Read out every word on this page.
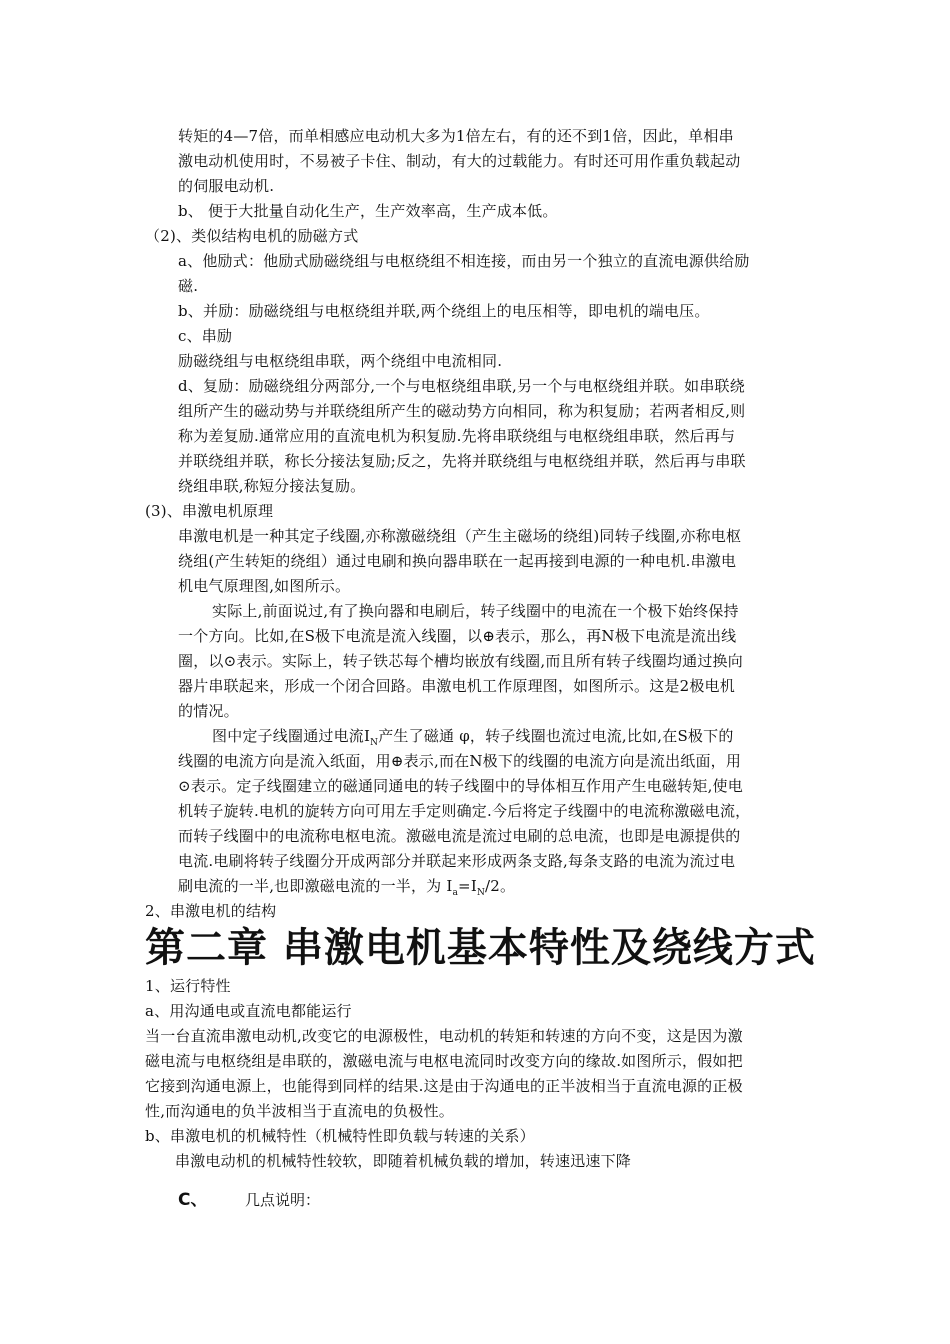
转矩的4—7倍，而单相感应电动机大多为1倍左右，有的还不到1倍，因此，单相串
激电动机使用时，不易被子卡住、制动，有大的过载能力。有时还可用作重负载起动
的伺服电动机.
b、 便于大批量自动化生产，生产效率高，生产成本低。
（2)、类似结构电机的励磁方式
a、他励式：他励式励磁绕组与电枢绕组不相连接，而由另一个独立的直流电源供给励
磁.
b、并励：励磁绕组与电枢绕组并联,两个绕组上的电压相等，即电机的端电压。
c、串励
励磁绕组与电枢绕组串联，两个绕组中电流相同.
d、复励：励磁绕组分两部分,一个与电枢绕组串联,另一个与电枢绕组并联。如串联绕
组所产生的磁动势与并联绕组所产生的磁动势方向相同，称为积复励；若两者相反,则
称为差复励.通常应用的直流电机为积复励.先将串联绕组与电枢绕组串联，然后再与
并联绕组并联，称长分接法复励;反之，先将并联绕组与电枢绕组并联，然后再与串联
绕组串联,称短分接法复励。
(3)、串激电机原理
串激电机是一种其定子线圈,亦称激磁绕组（产生主磁场的绕组)同转子线圈,亦称电枢
绕组(产生转矩的绕组）通过电刷和换向器串联在一起再接到电源的一种电机.串激电
机电气原理图,如图所示。
实际上,前面说过,有了换向器和电刷后，转子线圈中的电流在一个极下始终保持
一个方向。比如,在S极下电流是流入线圈，以⊕表示，那么，再N极下电流是流出线
圈，以⊙表示。实际上，转子铁芯每个槽均嵌放有线圈,而且所有转子线圈均通过换向
器片串联起来，形成一个闭合回路。串激电机工作原理图，如图所示。这是2极电机
的情况。
图中定子线圈通过电流$I_N$产生了磁通 φ，转子线圈也流过电流,比如,在S极下的
线圈的电流方向是流入纸面，用⊕表示,而在N极下的线圈的电流方向是流出纸面，用
⊙表示。定子线圈建立的磁通同通电的转子线圈中的导体相互作用产生电磁转矩,使电
机转子旋转.电机的旋转方向可用左手定则确定.今后将定子线圈中的电流称激磁电流，
而转子线圈中的电流称电枢电流。激磁电流是流过电刷的总电流，也即是电源提供的
电流.电刷将转子线圈分开成两部分并联起来形成两条支路,每条支路的电流为流过电
刷电流的一半,也即激磁电流的一半，为 $I_a=I_N/2$。
2、串激电机的结构
第二章 串激电机基本特性及绕线方式
1、运行特性
a、用沟通电或直流电都能运行
当一台直流串激电动机,改变它的电源极性，电动机的转矩和转速的方向不变，这是因为激
磁电流与电枢绕组是串联的，激磁电流与电枢电流同时改变方向的缘故.如图所示，假如把
它接到沟通电源上，也能得到同样的结果.这是由于沟通电的正半波相当于直流电源的正极
性,而沟通电的负半波相当于直流电的负极性。
b、串激电机的机械特性（机械特性即负载与转速的关系）
串激电动机的机械特性较软，即随着机械负载的增加，转速迅速下降
C、	几点说明：
